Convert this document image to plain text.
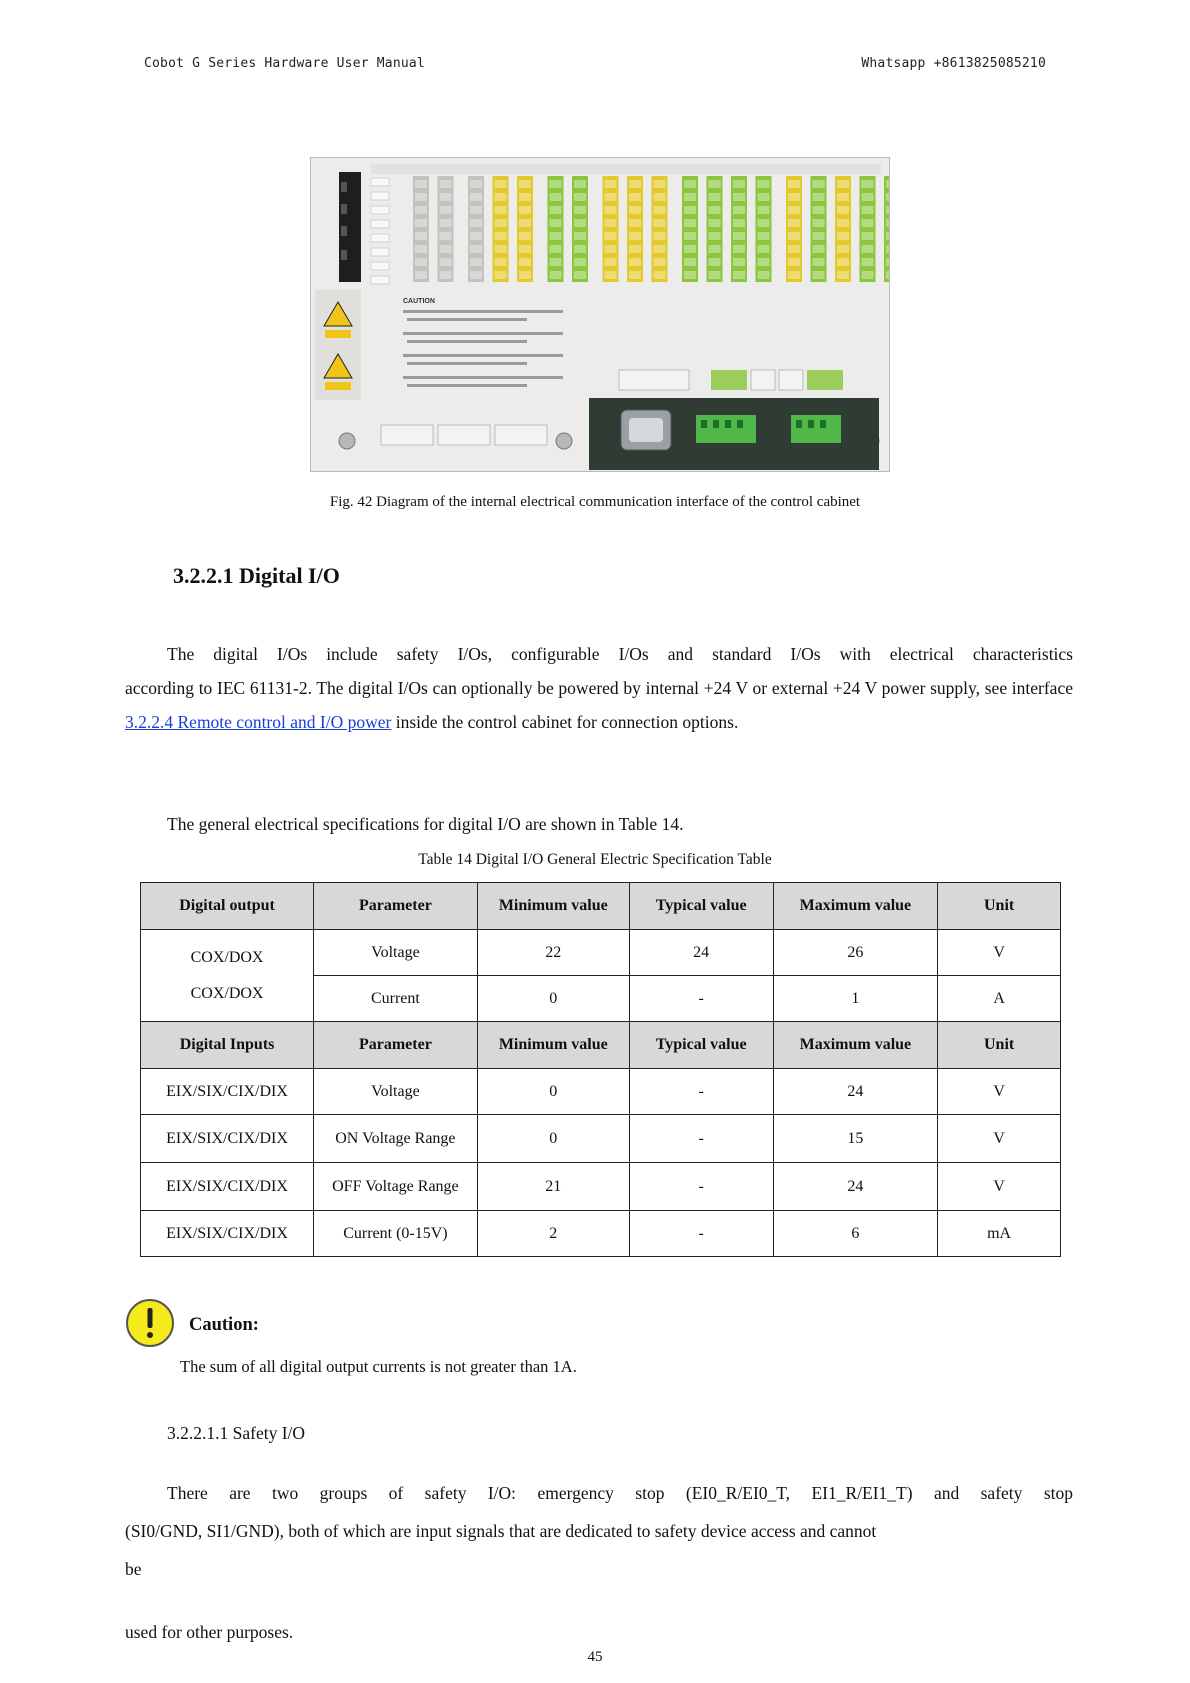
Cobot G Series Hardware User Manual	Whatsapp +8613825085210
CAUTION
Fig. 42 Diagram of the internal electrical communication interface of the control cabinet
3.2.2.1 Digital I/O

The digital I/Os include safety I/Os, configurable I/Os and standard I/Os with electrical characteristics
according to IEC 61131-2. The digital I/Os can optionally be powered by internal +24 V or external +24 V power supply, see interface 3.2.2.4 Remote control and I/O power inside the control cabinet for connection options.

The general electrical specifications for digital I/O are shown in Table 14.

Table 14 Digital I/O General Electric Specification Table
Digital output	Parameter	Minimum value	Typical value	Maximum value	Unit

COX/DOX
COX/DOX	Voltage	22	24	26	V
	Current	0	-	1	A
Digital Inputs	Parameter	Minimum value	Typical value	Maximum value	Unit
EIX/SIX/CIX/DIX	Voltage	0	-	24	V
EIX/SIX/CIX/DIX	ON Voltage Range	0	-	15	V
EIX/SIX/CIX/DIX	OFF Voltage Range	21	-	24	V
EIX/SIX/CIX/DIX	Current (0-15V)	2	-	6	mA
Caution:
The sum of all digital output currents is not greater than 1A.
3.2.2.1.1 Safety I/O

There are two groups of safety I/O: emergency stop (EI0_R/EI0_T, EI1_R/EI1_T) and safety stop
(SI0/GND, SI1/GND), both of which are input signals that are dedicated to safety device access and cannot
be

used for other purposes.
45
